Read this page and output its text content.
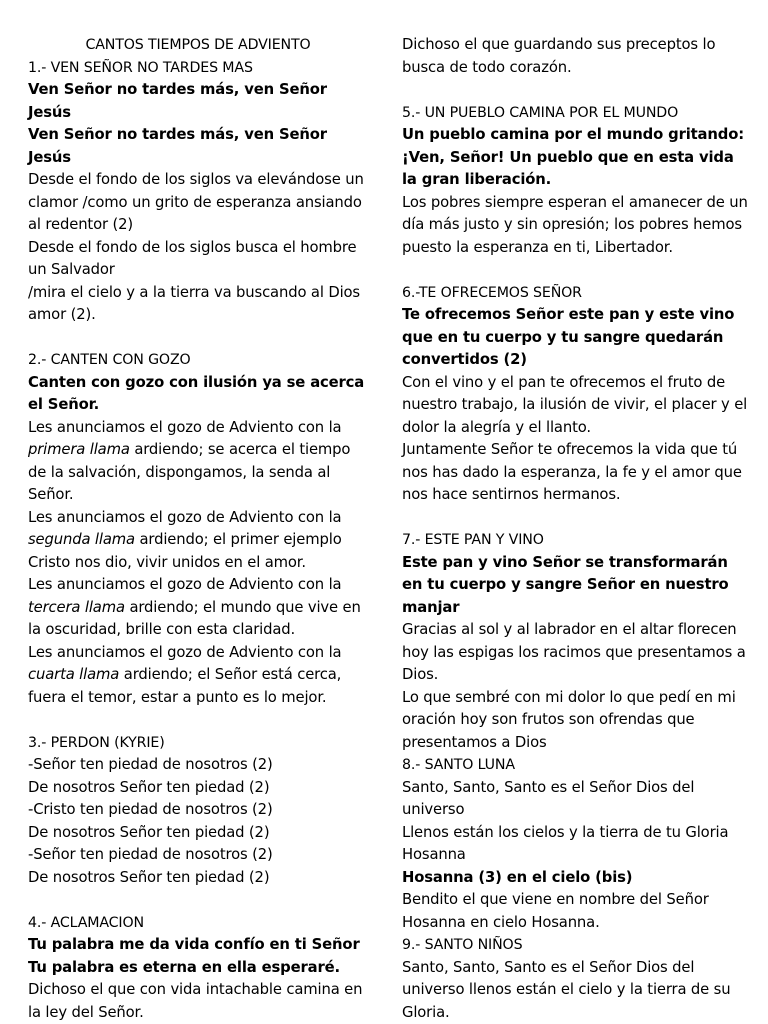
CANTOS TIEMPOS DE ADVIENTO

1.- VEN SEÑOR NO TARDES MAS

Ven Señor no tardes más, ven Señor Jesús

Ven Señor no tardes más, ven Señor Jesús

Desde el fondo de los siglos va elevándose un clamor /como un grito de esperanza ansiando al redentor (2)

Desde el fondo de los siglos busca el hombre un Salvador

/mira el cielo y a la tierra va buscando al Dios amor (2).

2.- CANTEN CON GOZO

Canten con gozo con ilusión ya se acerca el Señor.

Les anunciamos el gozo de Adviento con la primera llama ardiendo; se acerca el tiempo de la salvación, dispongamos, la senda al Señor.

Les anunciamos el gozo de Adviento con la segunda llama ardiendo; el primer ejemplo Cristo nos dio, vivir unidos en el amor.

Les anunciamos el gozo de Adviento con la tercera llama ardiendo; el mundo que vive en la oscuridad, brille con esta claridad.

Les anunciamos el gozo de Adviento con la cuarta llama ardiendo; el Señor está cerca, fuera el temor, estar a punto es lo mejor.

3.- PERDON (KYRIE)

-Señor ten piedad de nosotros (2)

De nosotros Señor ten piedad (2)

-Cristo ten piedad de nosotros (2)

De nosotros Señor ten piedad (2)

-Señor ten piedad de nosotros (2)

De nosotros Señor ten piedad (2)

4.- ACLAMACION

Tu palabra me da vida confío en ti Señor

Tu palabra es eterna en ella esperaré.

Dichoso el que con vida intachable camina en la ley del Señor.

Dichoso el que guardando sus preceptos lo busca de todo corazón.

5.- UN PUEBLO CAMINA POR EL MUNDO

Un pueblo camina por el mundo gritando: ¡Ven, Señor! Un pueblo que en esta vida la gran liberación.

Los pobres siempre esperan el amanecer de un día más justo y sin opresión; los pobres hemos puesto la esperanza en ti, Libertador.

6.-TE OFRECEMOS SEÑOR

Te ofrecemos Señor este pan y este vino que en tu cuerpo y tu sangre quedarán convertidos (2)

Con el vino y el pan te ofrecemos el fruto de nuestro trabajo, la ilusión de vivir, el placer y el dolor la alegría y el llanto.

Juntamente Señor te ofrecemos la vida que tú nos has dado la esperanza, la fe y el amor que nos hace sentirnos hermanos.

7.- ESTE PAN Y VINO

Este pan y vino Señor se transformarán en tu cuerpo y sangre Señor en nuestro manjar

Gracias al sol y al labrador en el altar florecen hoy las espigas los racimos que presentamos a Dios.

Lo que sembré con mi dolor lo que pedí en mi oración hoy son frutos son ofrendas que presentamos a Dios

8.- SANTO LUNA

Santo, Santo, Santo es el Señor Dios del universo

Llenos están los cielos y la tierra de tu Gloria Hosanna

Hosanna (3) en el cielo (bis)

Bendito el que viene en nombre del Señor Hosanna en cielo Hosanna.

9.- SANTO NIÑOS

Santo, Santo, Santo es el Señor Dios del universo llenos están el cielo y la tierra de su Gloria.
